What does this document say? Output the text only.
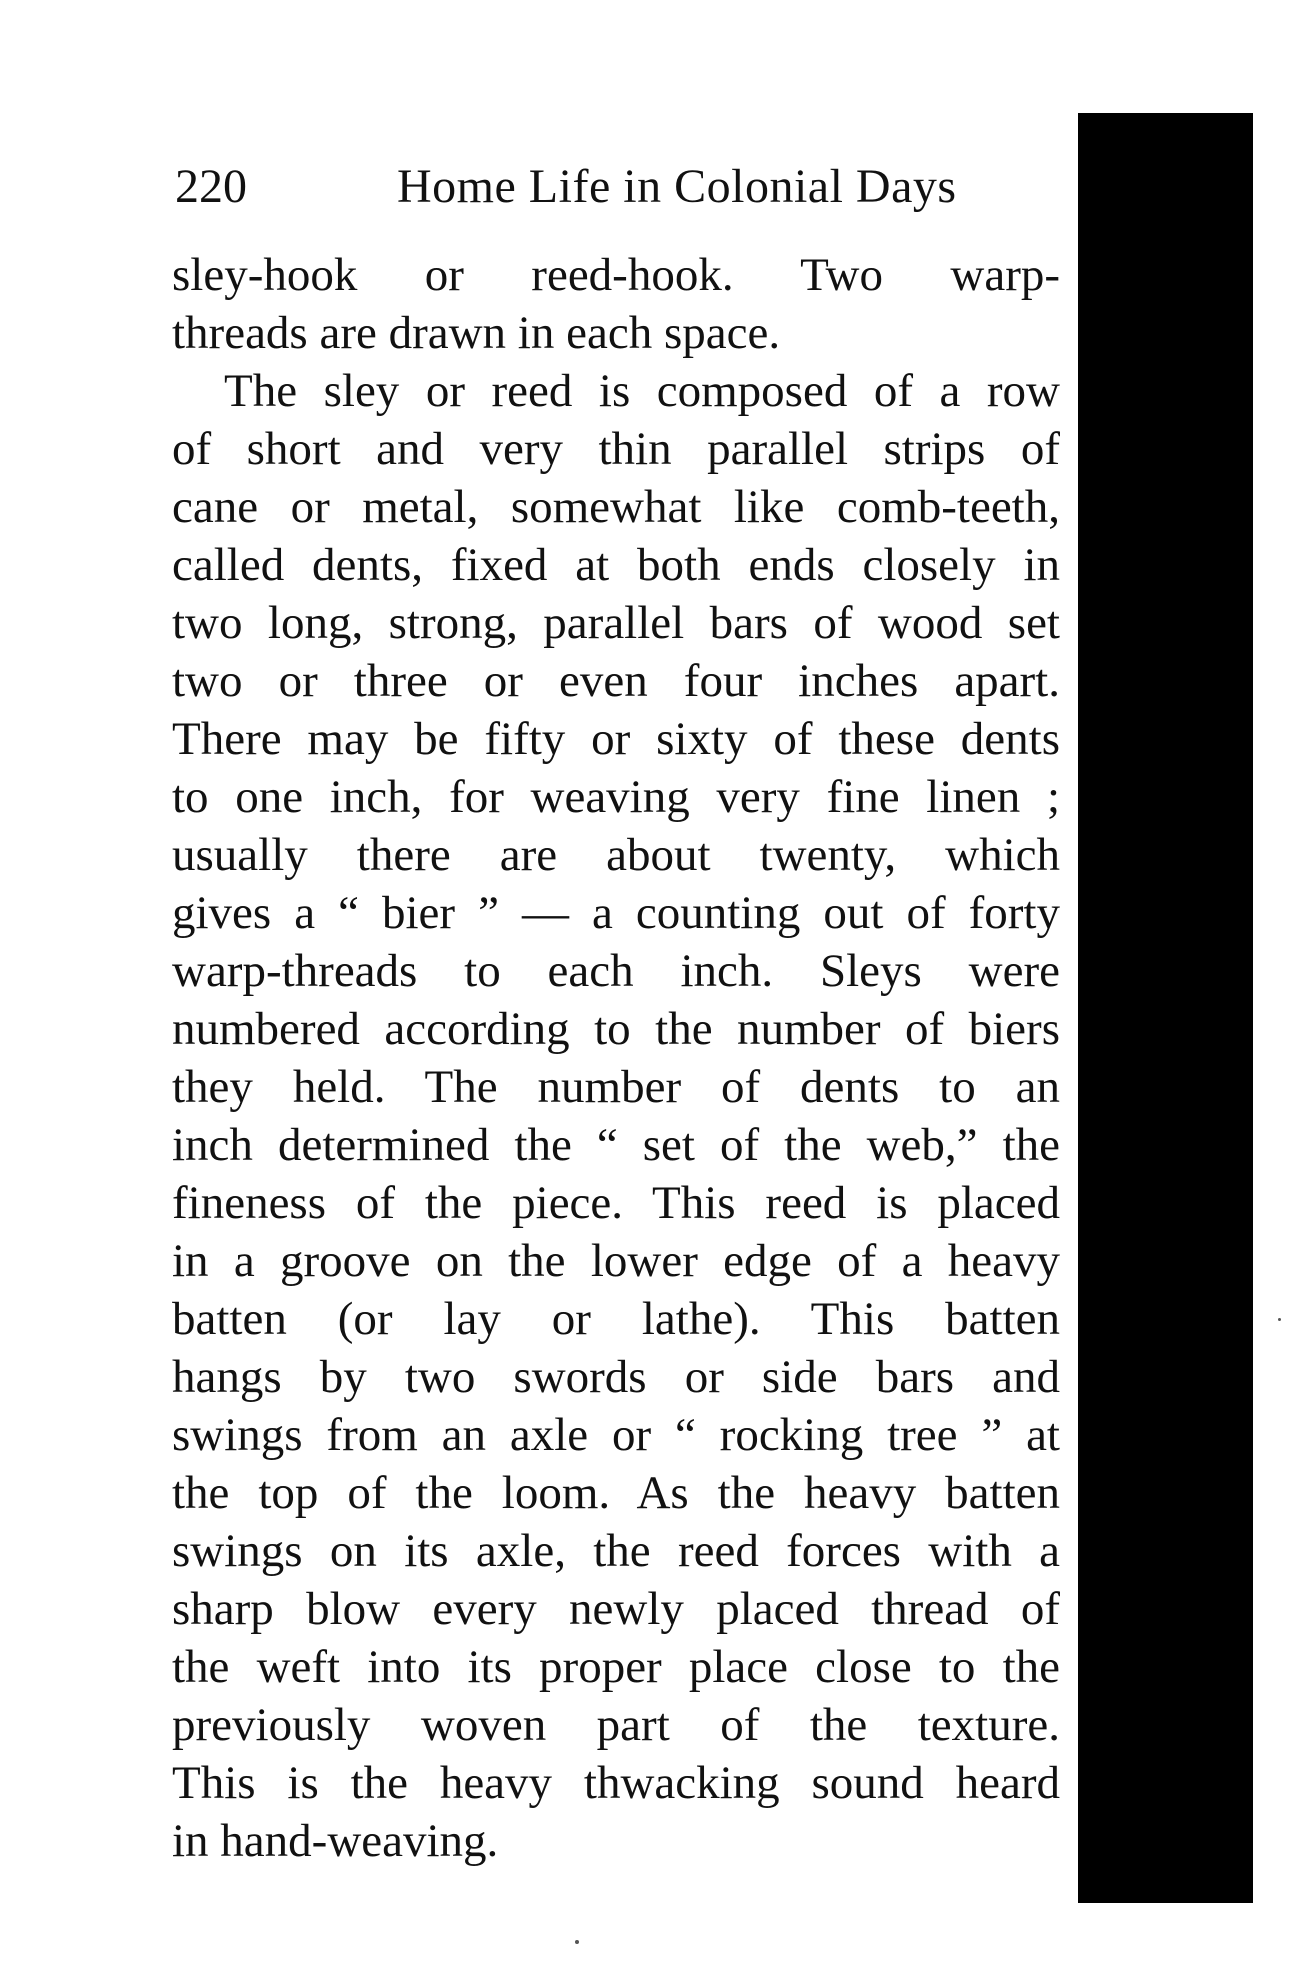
220	Home Life in Colonial Days
sley-hook or reed-hook. Two warp-
threads are drawn in each space.
The sley or reed is composed of a row
of short and very thin parallel strips of
cane or metal, somewhat like comb-teeth,
called dents, fixed at both ends closely in
two long, strong, parallel bars of wood set
two or three or even four inches apart.
There may be fifty or sixty of these dents
to one inch, for weaving very fine linen ;
usually there are about twenty, which
gives a “ bier ” — a counting out of forty
warp-threads to each inch. Sleys were
numbered according to the number of biers
they held. The number of dents to an
inch determined the “ set of the web,” the
fineness of the piece. This reed is placed
in a groove on the lower edge of a heavy
batten (or lay or lathe). This batten
hangs by two swords or side bars and
swings from an axle or “ rocking tree ” at
the top of the loom. As the heavy batten
swings on its axle, the reed forces with a
sharp blow every newly placed thread of
the weft into its proper place close to the
previously woven part of the texture.
This is the heavy thwacking sound heard
in hand-weaving.
